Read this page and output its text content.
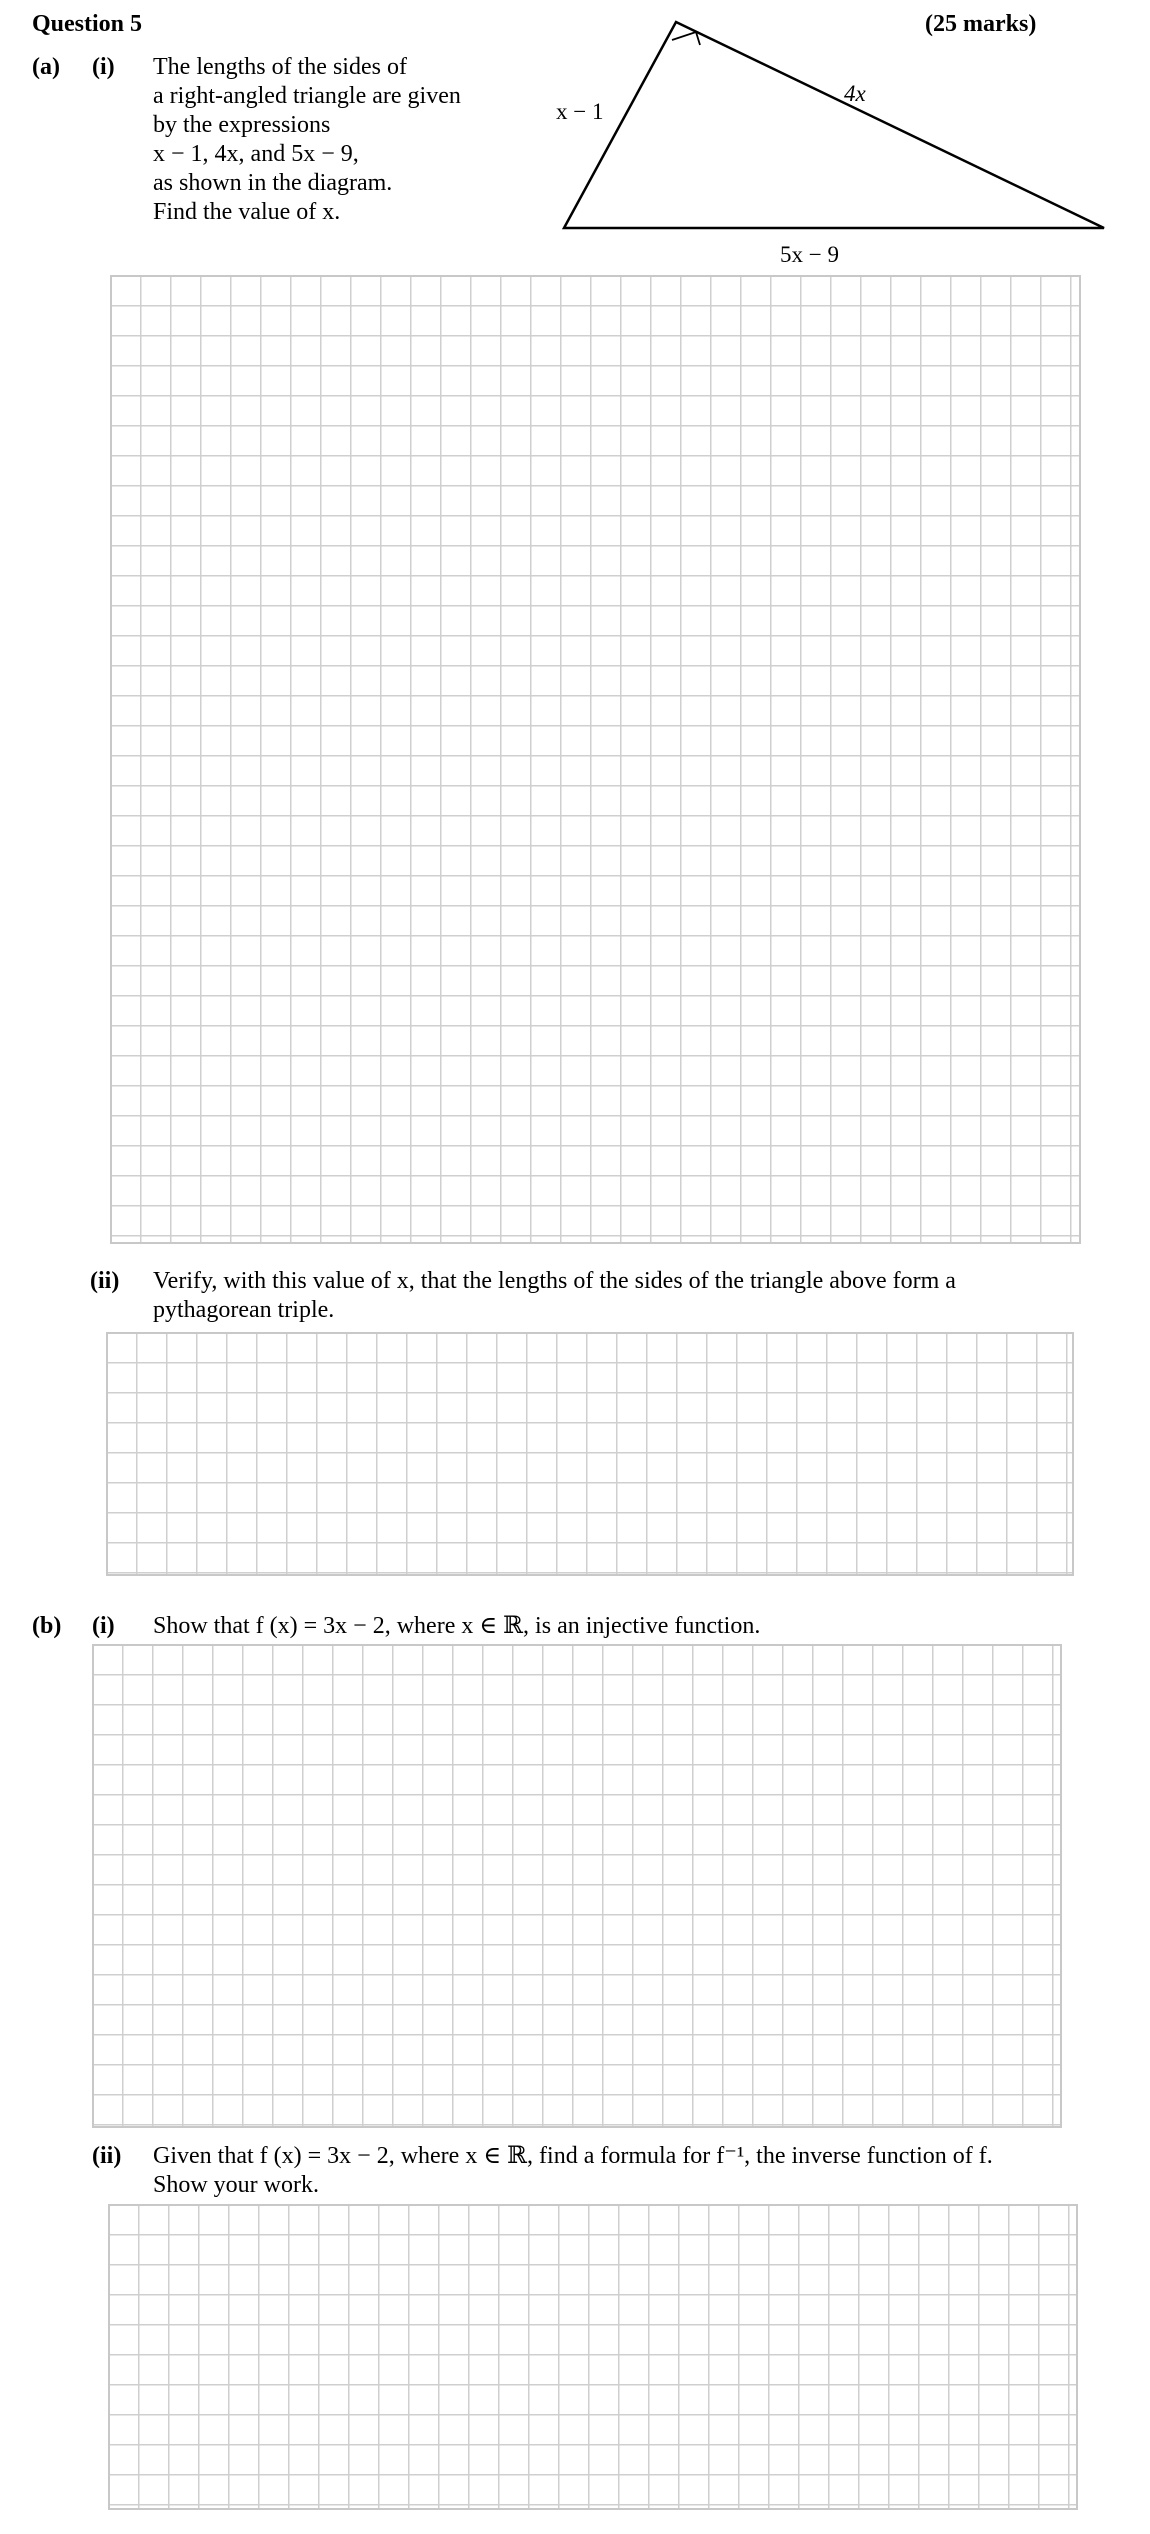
Question 5	(25 marks)
(a) (i) The lengths of the sides of
a right-angled triangle are given
by the expressions
x − 1, 4x, and 5x − 9,
as shown in the diagram.
Find the value of x.
x − 1
4x
5x − 9
(ii) Verify, with this value of x, that the lengths of the sides of the triangle above form a
pythagorean triple.
(b) (i) Show that f (x) = 3x − 2, where x ∈ ℝ, is an injective function.
(ii) Given that f (x) = 3x − 2, where x ∈ ℝ, find a formula for f⁻¹, the inverse function of f.
Show your work.
